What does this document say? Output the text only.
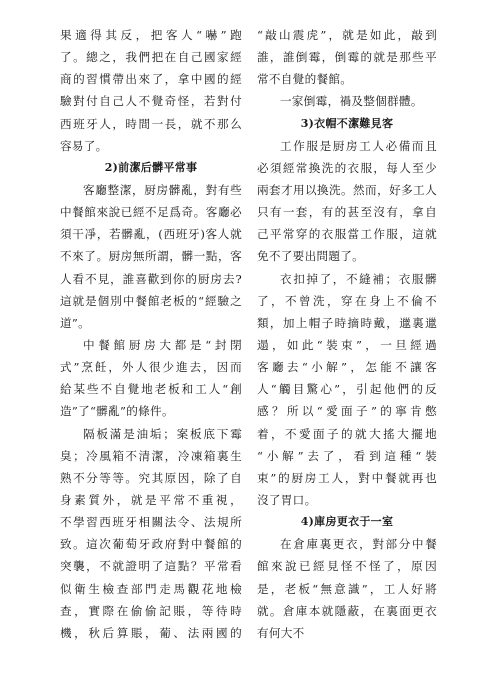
果適得其反，把客人“嚇”跑
了。總之，我們把在自己國家經
商的習慣帶出來了，拿中國的經
驗對付自己人不覺奇怪，若對付
西班牙人，時間一長，就不那么
容易了。
2)前潔后髒平常事
客廳整潔，厨房髒亂，對有些
中餐館來說已經不足爲奇。客廳必
須干凈，若髒亂，(西班牙)客人就
不來了。厨房無所謂，髒一點，客
人看不見，誰喜歡到你的厨房去?
這就是個別中餐館老板的“經驗之
道”。
中餐館厨房大都是“封閉
式”烹飪，外人很少進去，因而
給某些不自覺地老板和工人“創
造”了“髒亂”的條件。
隔板滿是油垢；案板底下霉
臭；冷風箱不清潔，冷凍箱裏生
熟不分等等。究其原因，除了自
身素質外，就是平常不重視，
不學習西班牙相關法令、法規所
致。這次葡萄牙政府對中餐館的
突襲，不就證明了這點？平常看
似衛生檢查部門走馬觀花地檢
查，實際在偷偷記賬，等待時
機，秋后算賬，葡、法兩國的
“敲山震虎”，就是如此，敲到
誰，誰倒霉，倒霉的就是那些平
常不自覺的餐館。
一家倒霉，禍及整個群體。
3)衣帽不潔難見客
工作服是厨房工人必備而且
必須經常換洗的衣服，每人至少
兩套才用以換洗。然而，好多工人
只有一套，有的甚至沒有，拿自
己平常穿的衣服當工作服，這就
免不了要出問題了。
衣扣掉了，不縫補；衣服髒
了，不曾洗，穿在身上不倫不
類，加上帽子時摘時戴，邋裏邋
遢，如此“裝束”，一旦經過
客廳去“小解”，怎能不讓客
人“觸目驚心”，引起他們的反
感？所以“愛面子”的寧肯憋
着，不愛面子的就大搖大擺地
“小解”去了，看到這種“裝
束”的厨房工人，對中餐就再也
沒了胃口。
4)庫房更衣于一室
在倉庫裏更衣，對部分中餐
館來說已經見怪不怪了，原因
是，老板“無意識”，工人好將
就。倉庫本就隱蔽，在裏面更衣
有何大不
